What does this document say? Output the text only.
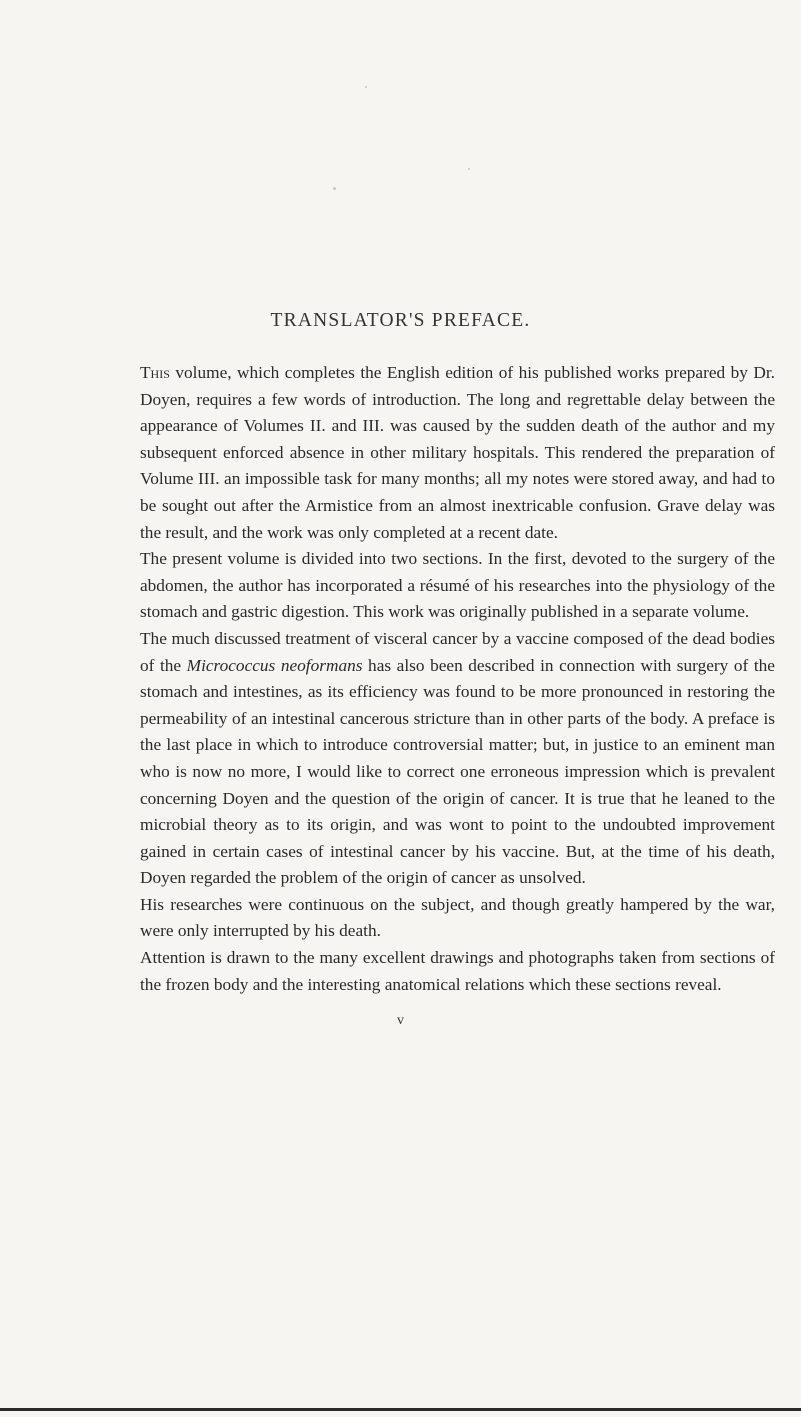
TRANSLATOR'S PREFACE.

This volume, which completes the English edition of his published works prepared by Dr. Doyen, requires a few words of introduction. The long and regrettable delay between the appearance of Volumes II. and III. was caused by the sudden death of the author and my subsequent enforced absence in other military hospitals. This rendered the preparation of Volume III. an impossible task for many months; all my notes were stored away, and had to be sought out after the Armistice from an almost inextricable confusion. Grave delay was the result, and the work was only completed at a recent date.

The present volume is divided into two sections. In the first, devoted to the surgery of the abdomen, the author has incorporated a résumé of his researches into the physiology of the stomach and gastric digestion. This work was originally published in a separate volume.

The much discussed treatment of visceral cancer by a vaccine composed of the dead bodies of the Micrococcus neoformans has also been described in connection with surgery of the stomach and intestines, as its efficiency was found to be more pronounced in restoring the permeability of an intestinal cancerous stricture than in other parts of the body. A preface is the last place in which to introduce controversial matter; but, in justice to an eminent man who is now no more, I would like to correct one erroneous impression which is prevalent concerning Doyen and the question of the origin of cancer. It is true that he leaned to the microbial theory as to its origin, and was wont to point to the undoubted improvement gained in certain cases of intestinal cancer by his vaccine. But, at the time of his death, Doyen regarded the problem of the origin of cancer as unsolved.

His researches were continuous on the subject, and though greatly hampered by the war, were only interrupted by his death.

Attention is drawn to the many excellent drawings and photographs taken from sections of the frozen body and the interesting anatomical relations which these sections reveal.

v
